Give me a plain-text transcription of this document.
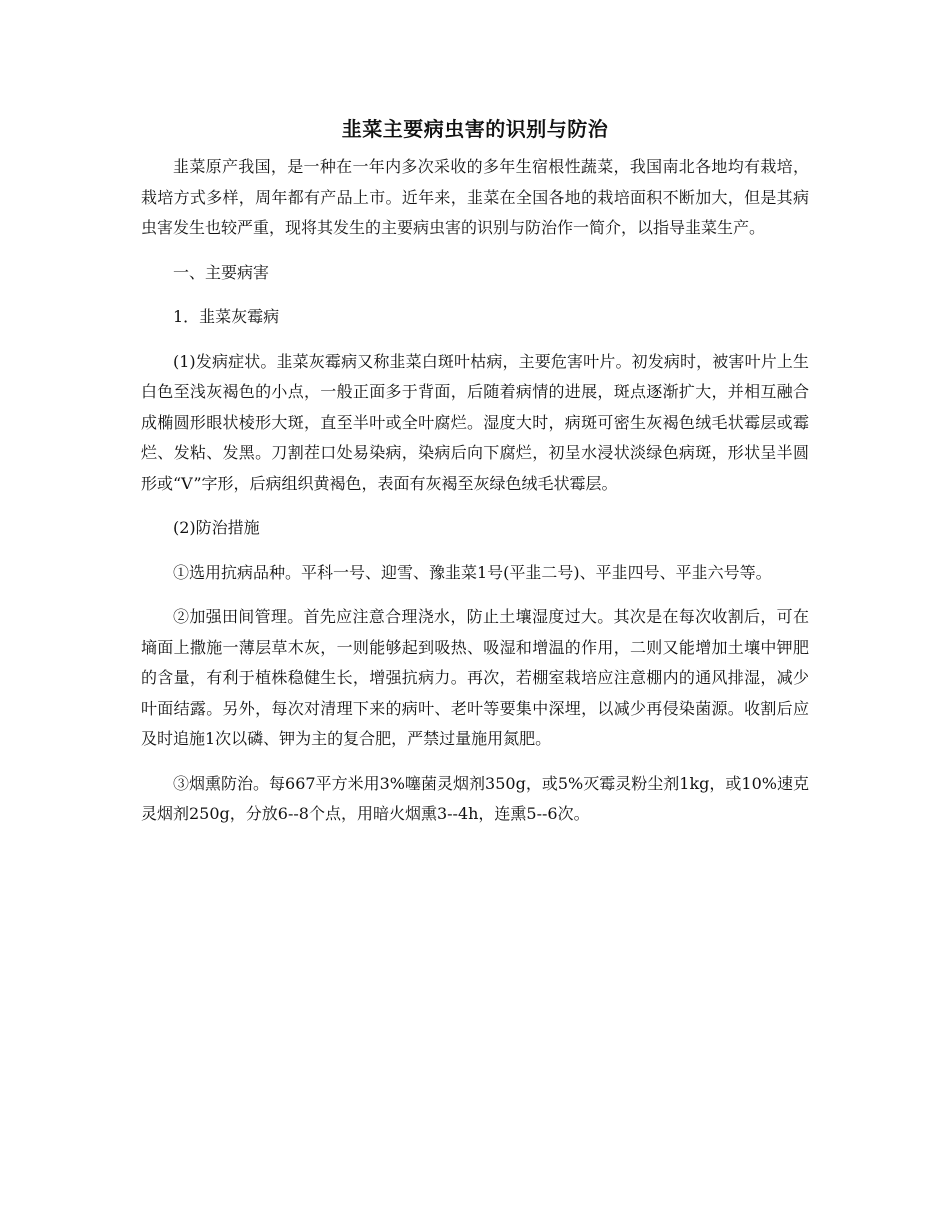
韭菜主要病虫害的识别与防治

韭菜原产我国，是一种在一年内多次采收的多年生宿根性蔬菜，我国南北各地均有栽培，栽培方式多样，周年都有产品上市。近年来，韭菜在全国各地的栽培面积不断加大，但是其病虫害发生也较严重，现将其发生的主要病虫害的识别与防治作一简介，以指导韭菜生产。

一、主要病害

1．韭菜灰霉病

(1)发病症状。韭菜灰霉病又称韭菜白斑叶枯病，主要危害叶片。初发病时，被害叶片上生白色至浅灰褐色的小点，一般正面多于背面，后随着病情的进展，斑点逐渐扩大，并相互融合成椭圆形眼状棱形大斑，直至半叶或全叶腐烂。湿度大时，病斑可密生灰褐色绒毛状霉层或霉烂、发粘、发黑。刀割茬口处易染病，染病后向下腐烂，初呈水浸状淡绿色病斑，形状呈半圆形或“V”字形，后病组织黄褐色，表面有灰褐至灰绿色绒毛状霉层。

(2)防治措施

①选用抗病品种。平科一号、迎雪、豫韭菜1号(平韭二号)、平韭四号、平韭六号等。

②加强田间管理。首先应注意合理浇水，防止土壤湿度过大。其次是在每次收割后，可在墒面上撒施一薄层草木灰，一则能够起到吸热、吸湿和增温的作用，二则又能增加土壤中钾肥的含量，有利于植株稳健生长，增强抗病力。再次，若棚室栽培应注意棚内的通风排湿，减少叶面结露。另外，每次对清理下来的病叶、老叶等要集中深埋，以减少再侵染菌源。收割后应及时追施1次以磷、钾为主的复合肥，严禁过量施用氮肥。

③烟熏防治。每667平方米用3%噻菌灵烟剂350g，或5%灭霉灵粉尘剂1kg，或10%速克灵烟剂250g，分放6--8个点，用暗火烟熏3--4h，连熏5--6次。
